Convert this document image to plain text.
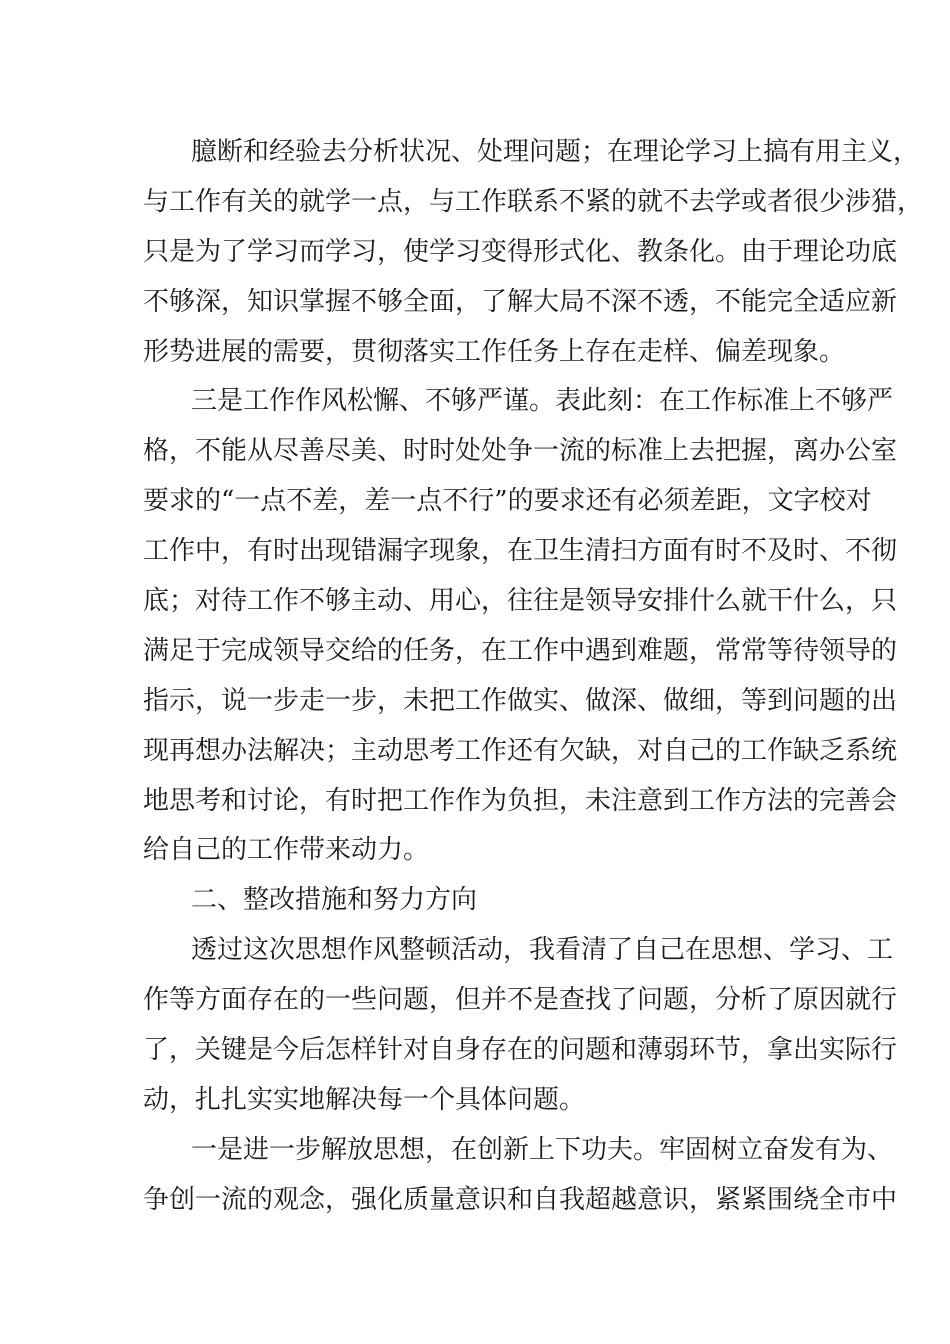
臆断和经验去分析状况、处理问题；在理论学习上搞有用主义，
与工作有关的就学一点，与工作联系不紧的就不去学或者很少涉猎，
只是为了学习而学习，使学习变得形式化、教条化。由于理论功底
不够深，知识掌握不够全面，了解大局不深不透，不能完全适应新
形势进展的需要，贯彻落实工作任务上存在走样、偏差现象。
三是工作作风松懈、不够严谨。表此刻：在工作标准上不够严
格，不能从尽善尽美、时时处处争一流的标准上去把握，离办公室
要求的“一点不差，差一点不行”的要求还有必须差距，文字校对
工作中，有时出现错漏字现象，在卫生清扫方面有时不及时、不彻
底；对待工作不够主动、用心，往往是领导安排什么就干什么，只
满足于完成领导交给的任务，在工作中遇到难题，常常等待领导的
指示，说一步走一步，未把工作做实、做深、做细，等到问题的出
现再想办法解决；主动思考工作还有欠缺，对自己的工作缺乏系统
地思考和讨论，有时把工作作为负担，未注意到工作方法的完善会
给自己的工作带来动力。
二、整改措施和努力方向
透过这次思想作风整顿活动，我看清了自己在思想、学习、工
作等方面存在的一些问题，但并不是查找了问题，分析了原因就行
了，关键是今后怎样针对自身存在的问题和薄弱环节，拿出实际行
动，扎扎实实地解决每一个具体问题。
一是进一步解放思想，在创新上下功夫。牢固树立奋发有为、
争创一流的观念，强化质量意识和自我超越意识，紧紧围绕全市中
